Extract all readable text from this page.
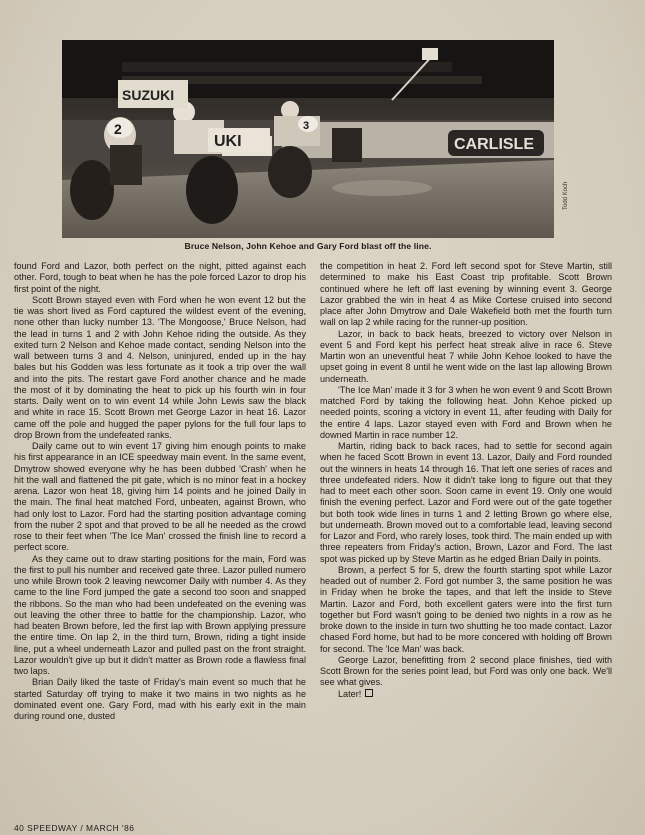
SUZUKI
UKI	CARLISLE
2	3
Todd Koch
Bruce Nelson, John Kehoe and Gary Ford blast off the line.

found Ford and Lazor, both perfect on the night, pitted against each other. Ford, tough to beat when he has the pole forced Lazor to drop his first point of the night.

Scott Brown stayed even with Ford when he won event 12 but the tie was short lived as Ford captured the wildest event of the evening, none other than lucky number 13. 'The Mongoose,' Bruce Nelson, had the lead in turns 1 and 2 with John Kehoe riding the outside. As they exited turn 2 Nelson and Kehoe made contact, sending Nelson into the wall between turns 3 and 4. Nelson, uninjured, ended up in the hay bales but his Godden was less fortunate as it took a trip over the wall and into the pits. The restart gave Ford another chance and he made the most of it by dominating the heat to pick up his fourth win in four starts. Daily went on to win event 14 while John Lewis saw the black and white in race 15. Scott Brown met George Lazor in heat 16. Lazor came off the pole and hugged the paper pylons for the full four laps to drop Brown from the undefeated ranks.

Daily came out to win event 17 giving him enough points to make his first appearance in an ICE speedway main event. In the same event, Dmytrow showed everyone why he has been dubbed 'Crash' when he hit the wall and flattened the pit gate, which is no minor feat in a hockey arena. Lazor won heat 18, giving him 14 points and he joined Daily in the main. The final heat matched Ford, unbeaten, against Brown, who had only lost to Lazor. Ford had the starting position advantage coming from the nuber 2 spot and that proved to be all he needed as the crowd rose to their feet when 'The Ice Man' crossed the finish line to record a perfect score.

As they came out to draw starting positions for the main, Ford was the first to pull his number and received gate three. Lazor pulled numero uno while Brown took 2 leaving newcomer Daily with number 4. As they came to the line Ford jumped the gate a second too soon and snapped the ribbons. So the man who had been undefeated on the evening was out leaving the other three to battle for the championship. Lazor, who had beaten Brown before, led the first lap with Brown applying pressure the entire time. On lap 2, in the third turn, Brown, riding a tight inside line, put a wheel underneath Lazor and pulled past on the front straight. Lazor wouldn't give up but it didn't matter as Brown rode a flawless final two laps.

Brian Daily liked the taste of Friday's main event so much that he started Saturday off trying to make it two mains in two nights as he dominated event one. Gary Ford, mad with his early exit in the main during round one, dusted

the competition in heat 2. Ford left second spot for Steve Martin, still determined to make his East Coast trip profitable. Scott Brown continued where he left off last evening by winning event 3. George Lazor grabbed the win in heat 4 as Mike Cortese cruised into second place after John Dmytrow and Dale Wakefield both met the fourth turn wall on lap 2 while racing for the runner-up position.

Lazor, in back to back heats, breezed to victory over Nelson in event 5 and Ford kept his perfect heat streak alive in race 6. Steve Martin won an uneventful heat 7 while John Kehoe looked to have the upset going in event 8 until he went wide on the last lap allowing Brown underneath.

'The Ice Man' made it 3 for 3 when he won event 9 and Scott Brown matched Ford by taking the following heat. John Kehoe picked up needed points, scoring a victory in event 11, after feuding with Daily for the entire 4 laps. Lazor stayed even with Ford and Brown when he downed Martin in race number 12.

Martin, riding back to back races, had to settle for second again when he faced Scott Brown in event 13. Lazor, Daily and Ford rounded out the winners in heats 14 through 16. That left one series of races and three undefeated riders. Now it didn't take long to figure out that they had to meet each other soon. Soon came in event 19. Only one would finish the evening perfect. Lazor and Ford were out of the gate together but both took wide lines in turns 1 and 2 letting Brown go where else, but underneath. Brown moved out to a comfortable lead, leaving second for Lazor and Ford, who rarely loses, took third. The main ended up with three repeaters from Friday's action, Brown, Lazor and Ford. The last spot was picked up by Steve Martin as he edged Brian Daily in points.

Brown, a perfect 5 for 5, drew the fourth starting spot while Lazor headed out of number 2. Ford got number 3, the same position he was in Friday when he broke the tapes, and that left the inside to Steve Martin. Lazor and Ford, both excellent gaters were into the first turn together but Ford wasn't going to be denied two nights in a row as he broke down to the inside in turn two shutting he too made contact. Lazor chased Ford home, but had to be more concered with holding off Brown for second. The 'Ice Man' was back.

George Lazor, benefitting from 2 second place finishes, tied with Scott Brown for the series point lead, but Ford was only one back. We'll see what gives.

Later!

40 SPEEDWAY / MARCH '86
